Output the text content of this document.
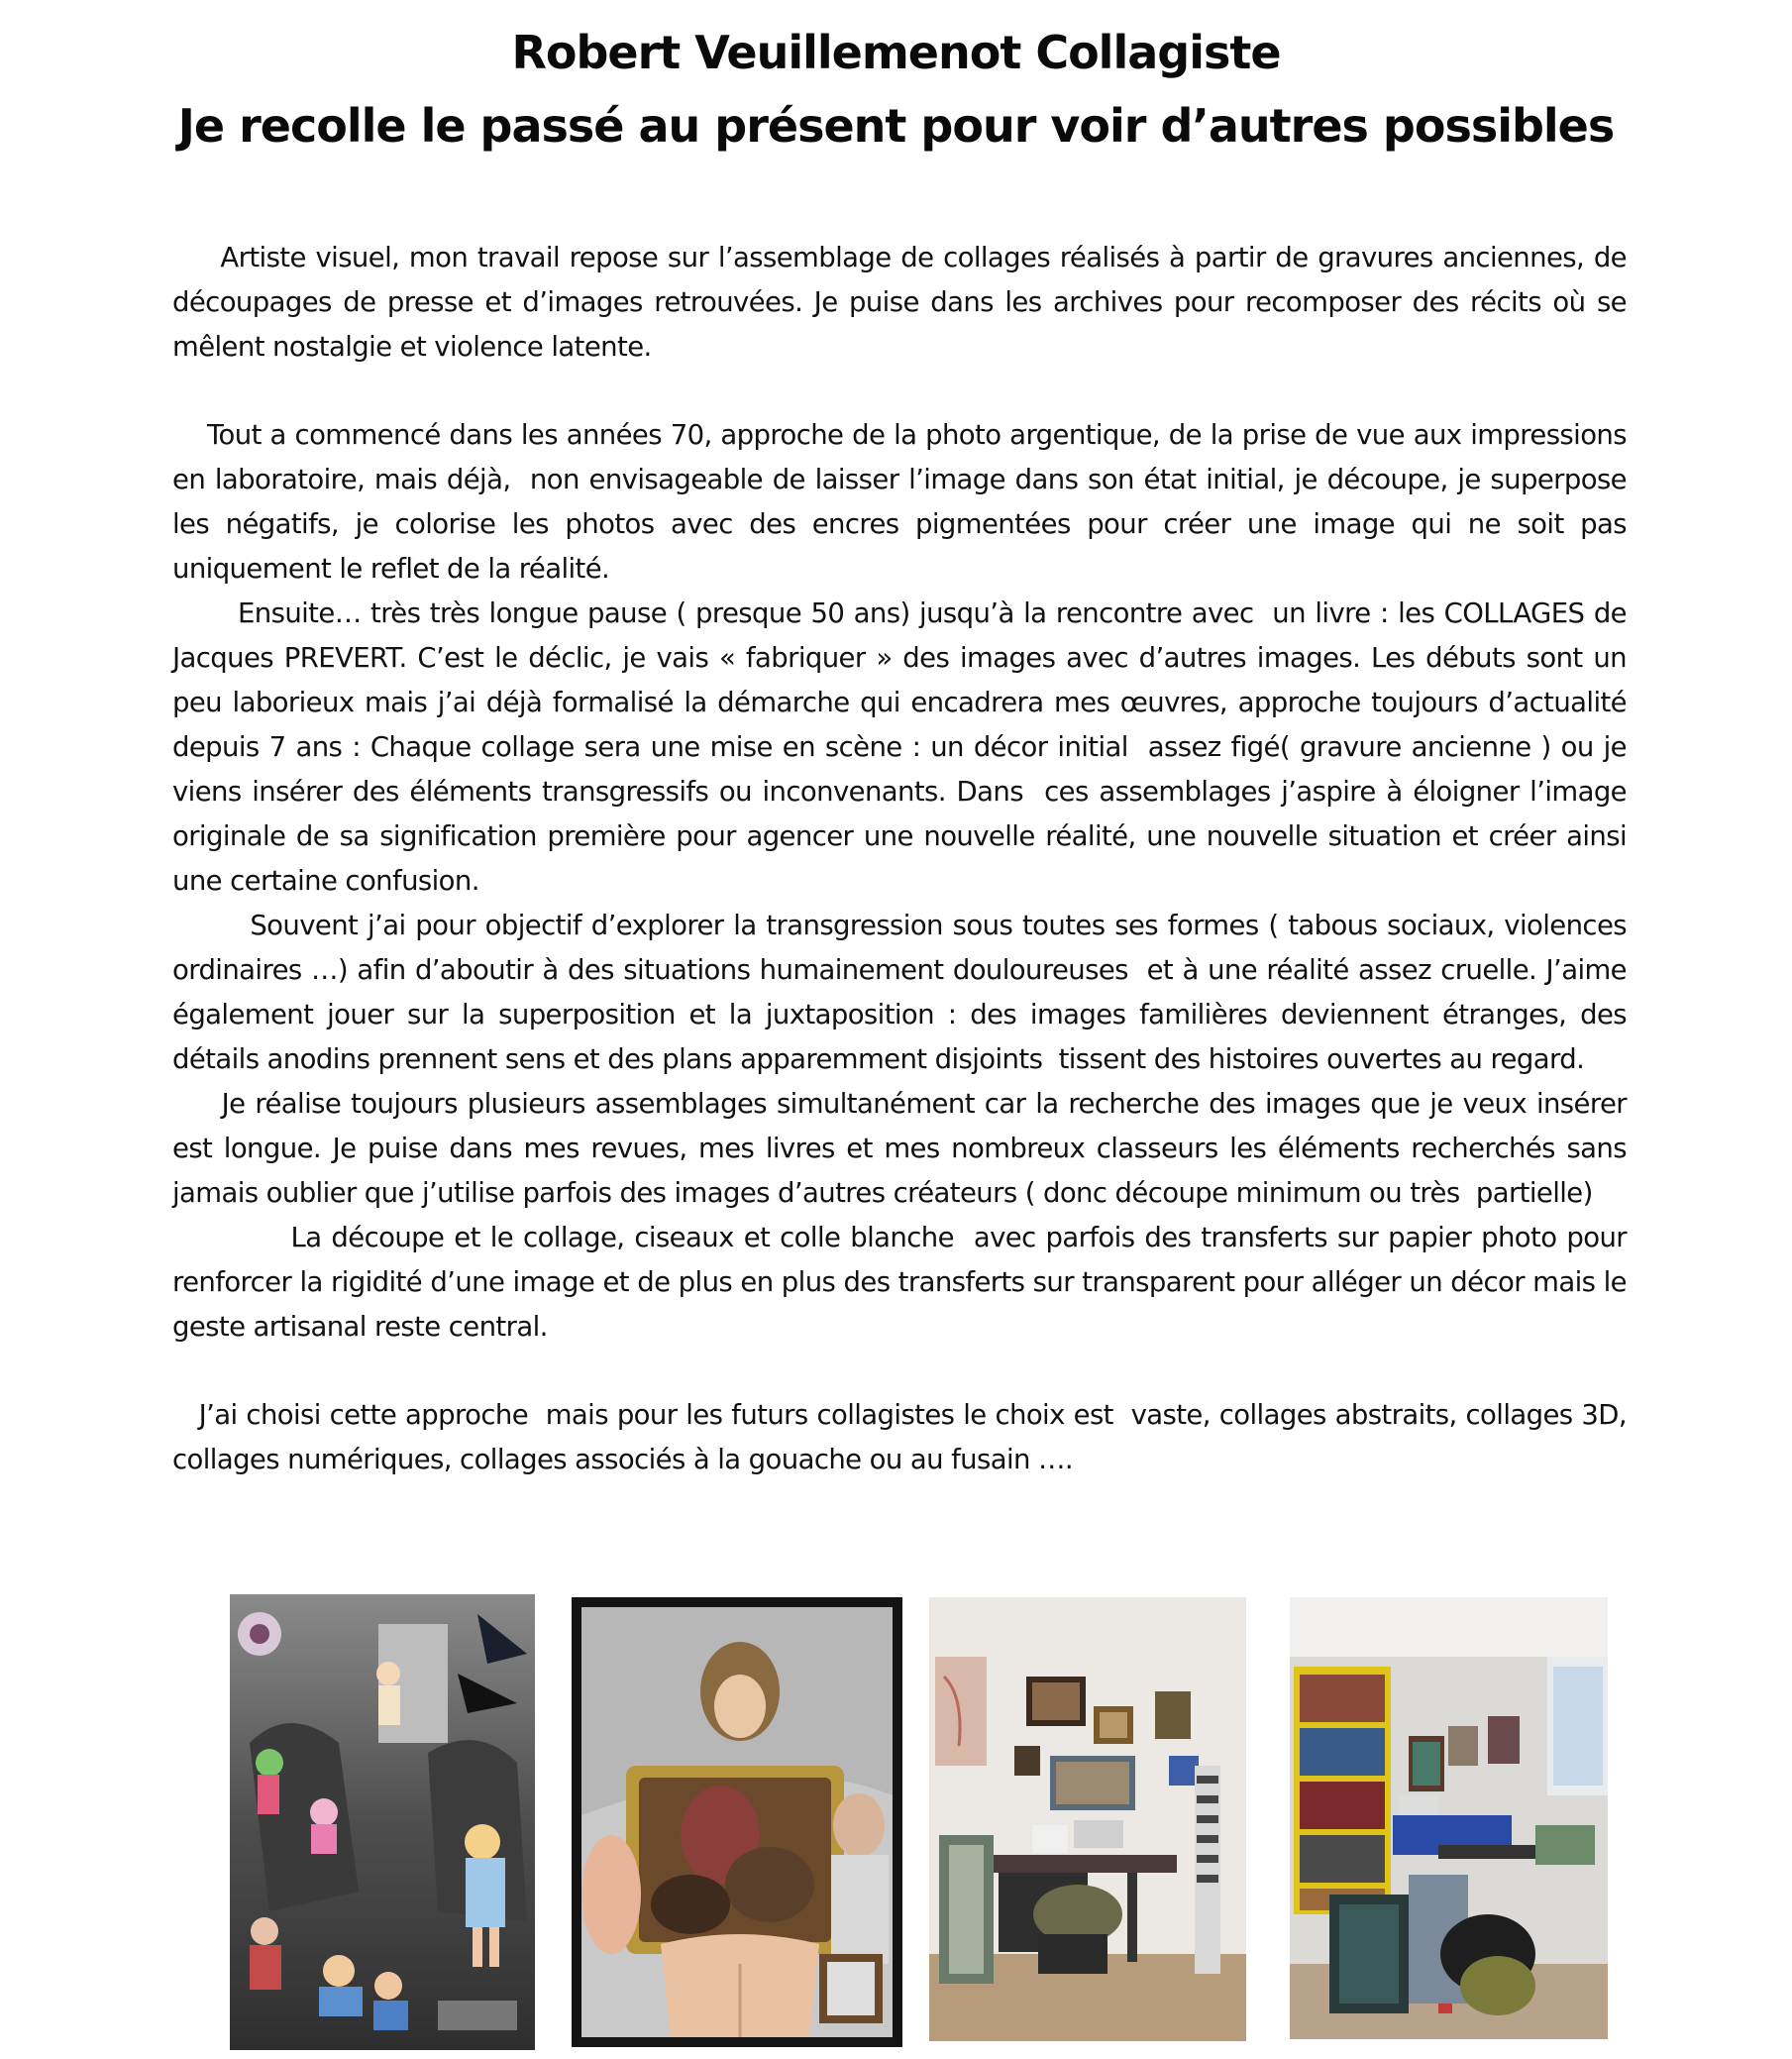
Robert Veuillemenot Collagiste
Je recolle le passé au présent pour voir d’autres possibles

Artiste visuel, mon travail repose sur l’assemblage de collages réalisés à partir de gravures anciennes, de découpages de presse et d’images retrouvées. Je puise dans les archives pour recomposer des récits où se mêlent nostalgie et violence latente.

Tout a commencé dans les années 70, approche de la photo argentique, de la prise de vue aux impressions en laboratoire, mais déjà,  non envisageable de laisser l’image dans son état initial, je découpe, je superpose les négatifs, je colorise les photos avec des encres pigmentées pour créer une image qui ne soit pas uniquement le reflet de la réalité.

Ensuite… très très longue pause ( presque 50 ans) jusqu’à la rencontre avec  un livre : les COLLAGES de Jacques PREVERT. C’est le déclic, je vais « fabriquer » des images avec d’autres images. Les débuts sont un peu laborieux mais j’ai déjà formalisé la démarche qui encadrera mes œuvres, approche toujours d’actualité depuis 7 ans : Chaque collage sera une mise en scène : un décor initial  assez figé( gravure ancienne ) ou je viens insérer des éléments transgressifs ou inconvenants. Dans  ces assemblages j’aspire à éloigner l’image originale de sa signification première pour agencer une nouvelle réalité, une nouvelle situation et créer ainsi une certaine confusion.

Souvent j’ai pour objectif d’explorer la transgression sous toutes ses formes ( tabous sociaux, violences ordinaires …) afin d’aboutir à des situations humainement douloureuses  et à une réalité assez cruelle. J’aime également jouer sur la superposition et la juxtaposition : des images familières deviennent étranges, des détails anodins prennent sens et des plans apparemment disjoints  tissent des histoires ouvertes au regard.

Je réalise toujours plusieurs assemblages simultanément car la recherche des images que je veux insérer est longue. Je puise dans mes revues, mes livres et mes nombreux classeurs les éléments recherchés sans jamais oublier que j’utilise parfois des images d’autres créateurs ( donc découpe minimum ou très  partielle)

La découpe et le collage, ciseaux et colle blanche  avec parfois des transferts sur papier photo pour renforcer la rigidité d’une image et de plus en plus des transferts sur transparent pour alléger un décor mais le geste artisanal reste central.

J’ai choisi cette approche  mais pour les futurs collagistes le choix est  vaste, collages abstraits, collages 3D, collages numériques, collages associés à la gouache ou au fusain ….
